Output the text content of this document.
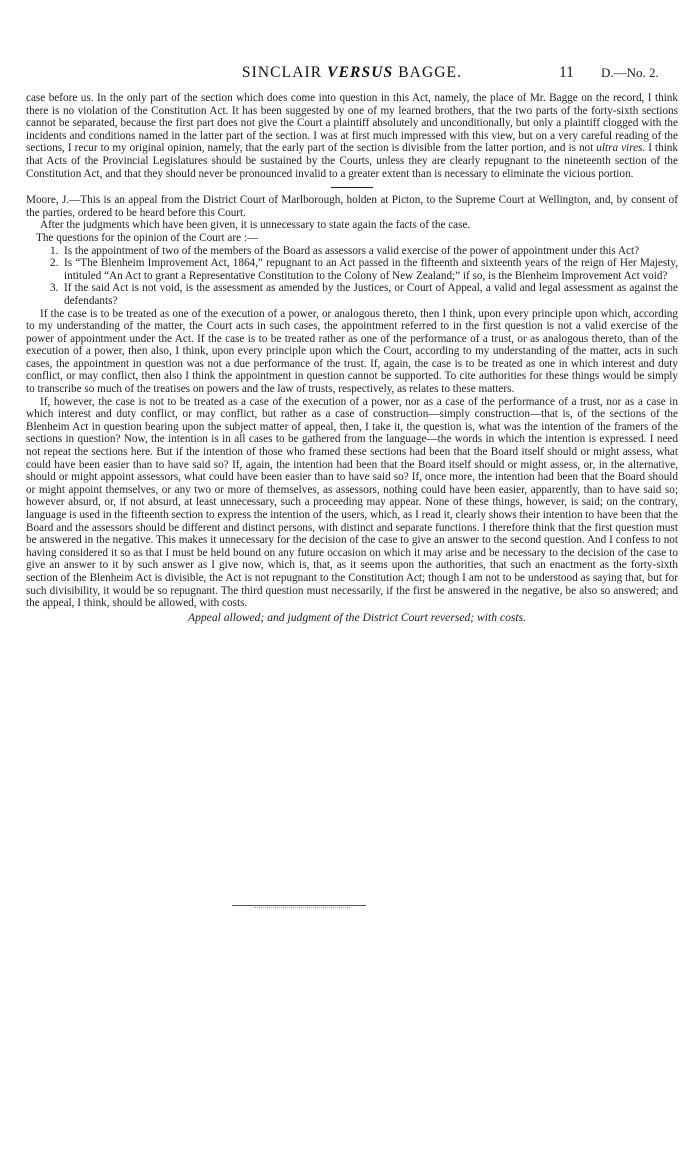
SINCLAIR VERSUS BAGGE.	11 D.—No. 2.

case before us. In the only part of the section which does come into question in this Act, namely, the place of Mr. Bagge on the record, I think there is no violation of the Constitution Act. It has been suggested by one of my learned brothers, that the two parts of the forty-sixth sections cannot be separated, because the first part does not give the Court a plaintiff absolutely and unconditionally, but only a plaintiff clogged with the incidents and conditions named in the latter part of the section. I was at first much impressed with this view, but on a very careful reading of the sections, I recur to my original opinion, namely, that the early part of the section is divisible from the latter portion, and is not ultra vires. I think that Acts of the Provincial Legislatures should be sustained by the Courts, unless they are clearly repugnant to the nineteenth section of the Constitution Act, and that they should never be pronounced invalid to a greater extent than is necessary to eliminate the vicious portion.

Moore, J.—This is an appeal from the District Court of Marlborough, holden at Picton, to the Supreme Court at Wellington, and, by consent of the parties, ordered to be heard before this Court.

After the judgments which have been given, it is unnecessary to state again the facts of the case.

The questions for the opinion of the Court are :—

1. Is the appointment of two of the members of the Board as assessors a valid exercise of the power of appointment under this Act?
2. Is “The Blenheim Improvement Act, 1864,” repugnant to an Act passed in the fifteenth and sixteenth years of the reign of Her Majesty, intituled “An Act to grant a Representative Constitution to the Colony of New Zealand;” if so, is the Blenheim Improvement Act void?
3. If the said Act is not void, is the assessment as amended by the Justices, or Court of Appeal, a valid and legal assessment as against the defendants?

If the case is to be treated as one of the execution of a power, or analogous thereto, then I think, upon every principle upon which, according to my understanding of the matter, the Court acts in such cases, the appointment referred to in the first question is not a valid exercise of the power of appointment under the Act. If the case is to be treated rather as one of the performance of a trust, or as analogous thereto, than of the execution of a power, then also, I think, upon every principle upon which the Court, according to my understanding of the matter, acts in such cases, the appointment in question was not a due performance of the trust. If, again, the case is to be treated as one in which interest and duty conflict, or may conflict, then also I think the appointment in question cannot be supported. To cite authorities for these things would be simply to transcribe so much of the treatises on powers and the law of trusts, respectively, as relates to these matters.

If, however, the case is not to be treated as a case of the execution of a power, nor as a case of the performance of a trust, nor as a case in which interest and duty conflict, or may conflict, but rather as a case of construction—simply construction—that is, of the sections of the Blenheim Act in question bearing upon the subject matter of appeal, then, I take it, the question is, what was the intention of the framers of the sections in question? Now, the intention is in all cases to be gathered from the language—the words in which the intention is expressed. I need not repeat the sections here. But if the intention of those who framed these sections had been that the Board itself should or might assess, what could have been easier than to have said so? If, again, the intention had been that the Board itself should or might assess, or, in the alternative, should or might appoint assessors, what could have been easier than to have said so? If, once more, the intention had been that the Board should or might appoint themselves, or any two or more of themselves, as assessors, nothing could have been easier, apparently, than to have said so; however absurd, or, if not absurd, at least unnecessary, such a proceeding may appear. None of these things, however, is said; on the contrary, language is used in the fifteenth section to express the intention of the users, which, as I read it, clearly shows their intention to have been that the Board and the assessors should be different and distinct persons, with distinct and separate functions. I therefore think that the first question must be answered in the negative. This makes it unnecessary for the decision of the case to give an answer to the second question. And I confess to not having considered it so as that I must be held bound on any future occasion on which it may arise and be necessary to the decision of the case to give an answer to it by such answer as I give now, which is, that, as it seems upon the authorities, that such an enactment as the forty-sixth section of the Blenheim Act is divisible, the Act is not repugnant to the Constitution Act; though I am not to be understood as saying that, but for such divisibility, it would be so repugnant. The third question must necessarily, if the first be answered in the negative, be also so answered; and the appeal, I think, should be allowed, with costs.

Appeal allowed; and judgment of the District Court reversed; with costs.
